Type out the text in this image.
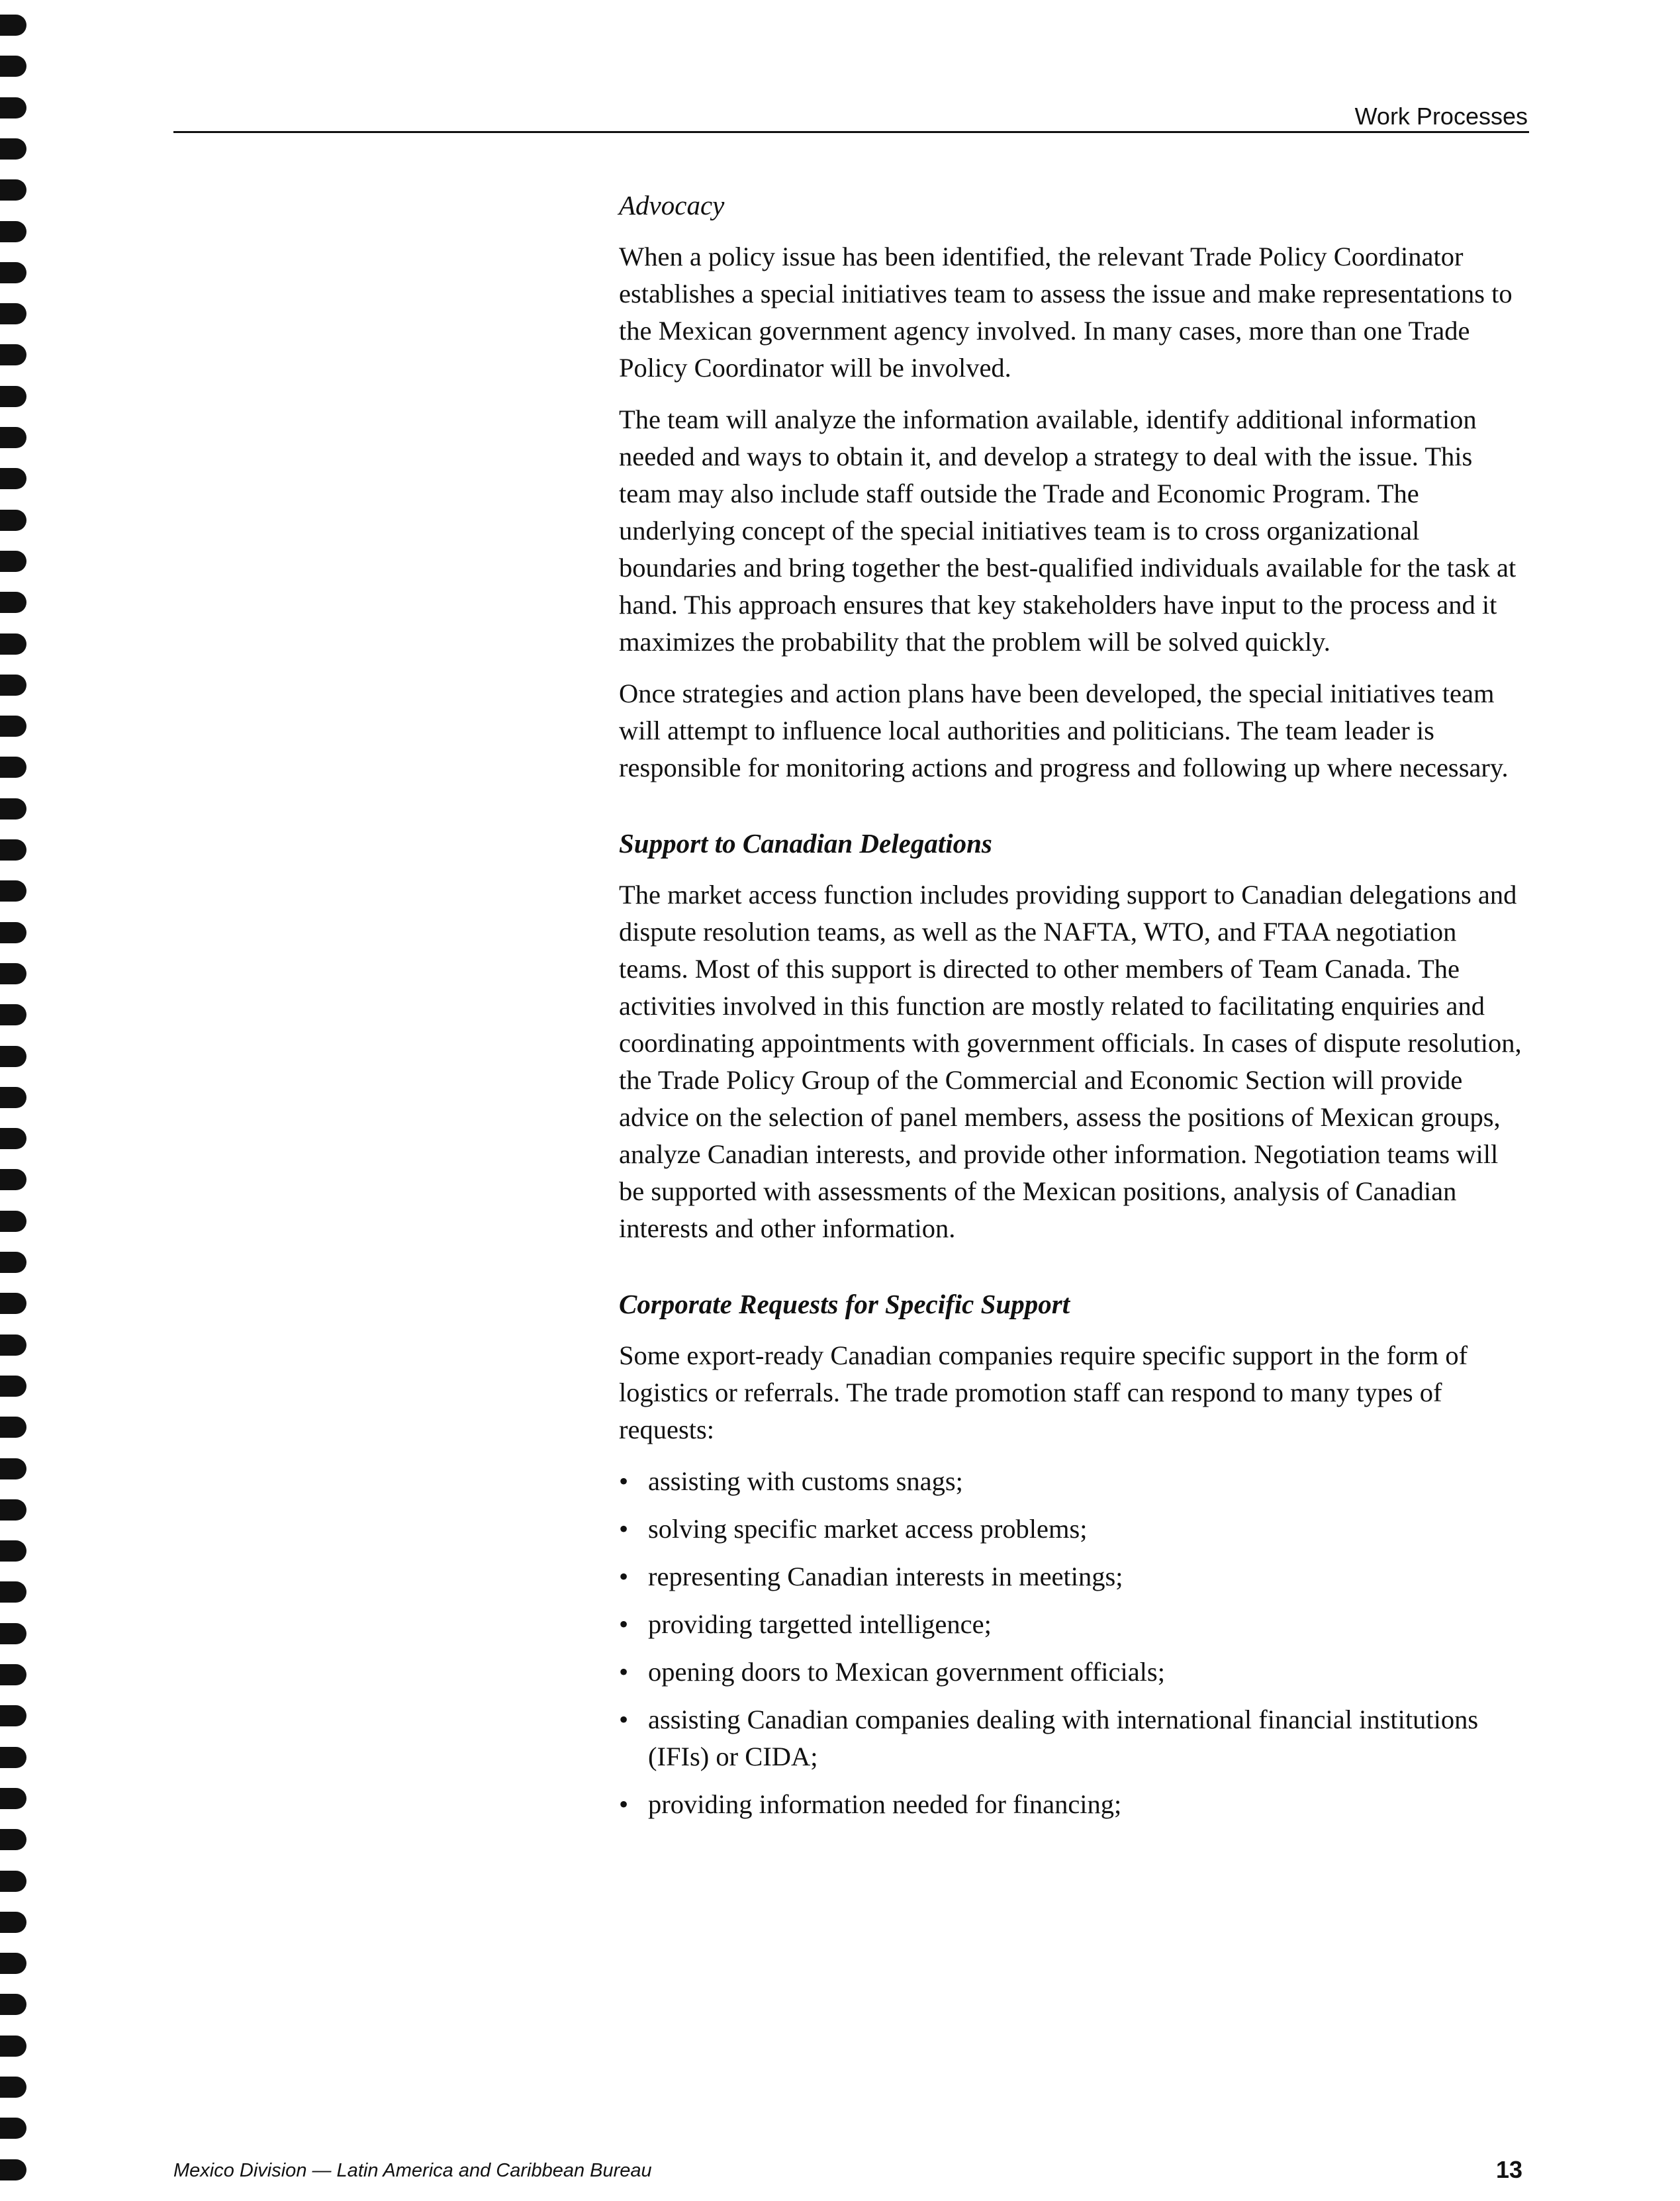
Work Processes
Advocacy

When a policy issue has been identified, the relevant Trade Policy Coordinator establishes a special initiatives team to assess the issue and make representations to the Mexican government agency involved. In many cases, more than one Trade Policy Coordinator will be involved.

The team will analyze the information available, identify additional information needed and ways to obtain it, and develop a strategy to deal with the issue. This team may also include staff outside the Trade and Economic Program. The underlying concept of the special initiatives team is to cross organizational boundaries and bring together the best-qualified individuals available for the task at hand. This approach ensures that key stakeholders have input to the process and it maximizes the probability that the problem will be solved quickly.

Once strategies and action plans have been developed, the special initiatives team will attempt to influence local authorities and politicians. The team leader is responsible for monitoring actions and progress and following up where necessary.

Support to Canadian Delegations

The market access function includes providing support to Canadian delegations and dispute resolution teams, as well as the NAFTA, WTO, and FTAA negotiation teams. Most of this support is directed to other members of Team Canada. The activities involved in this function are mostly related to facilitating enquiries and coordinating appointments with government officials. In cases of dispute resolution, the Trade Policy Group of the Commercial and Economic Section will provide advice on the selection of panel members, assess the positions of Mexican groups, analyze Canadian interests, and provide other information. Negotiation teams will be supported with assessments of the Mexican positions, analysis of Canadian interests and other information.

Corporate Requests for Specific Support

Some export-ready Canadian companies require specific support in the form of logistics or referrals. The trade promotion staff can respond to many types of requests:

• assisting with customs snags;
• solving specific market access problems;
• representing Canadian interests in meetings;
• providing targetted intelligence;
• opening doors to Mexican government officials;
• assisting Canadian companies dealing with international financial institutions (IFIs) or CIDA;
• providing information needed for financing;
Mexico Division — Latin America and Caribbean Bureau	13
